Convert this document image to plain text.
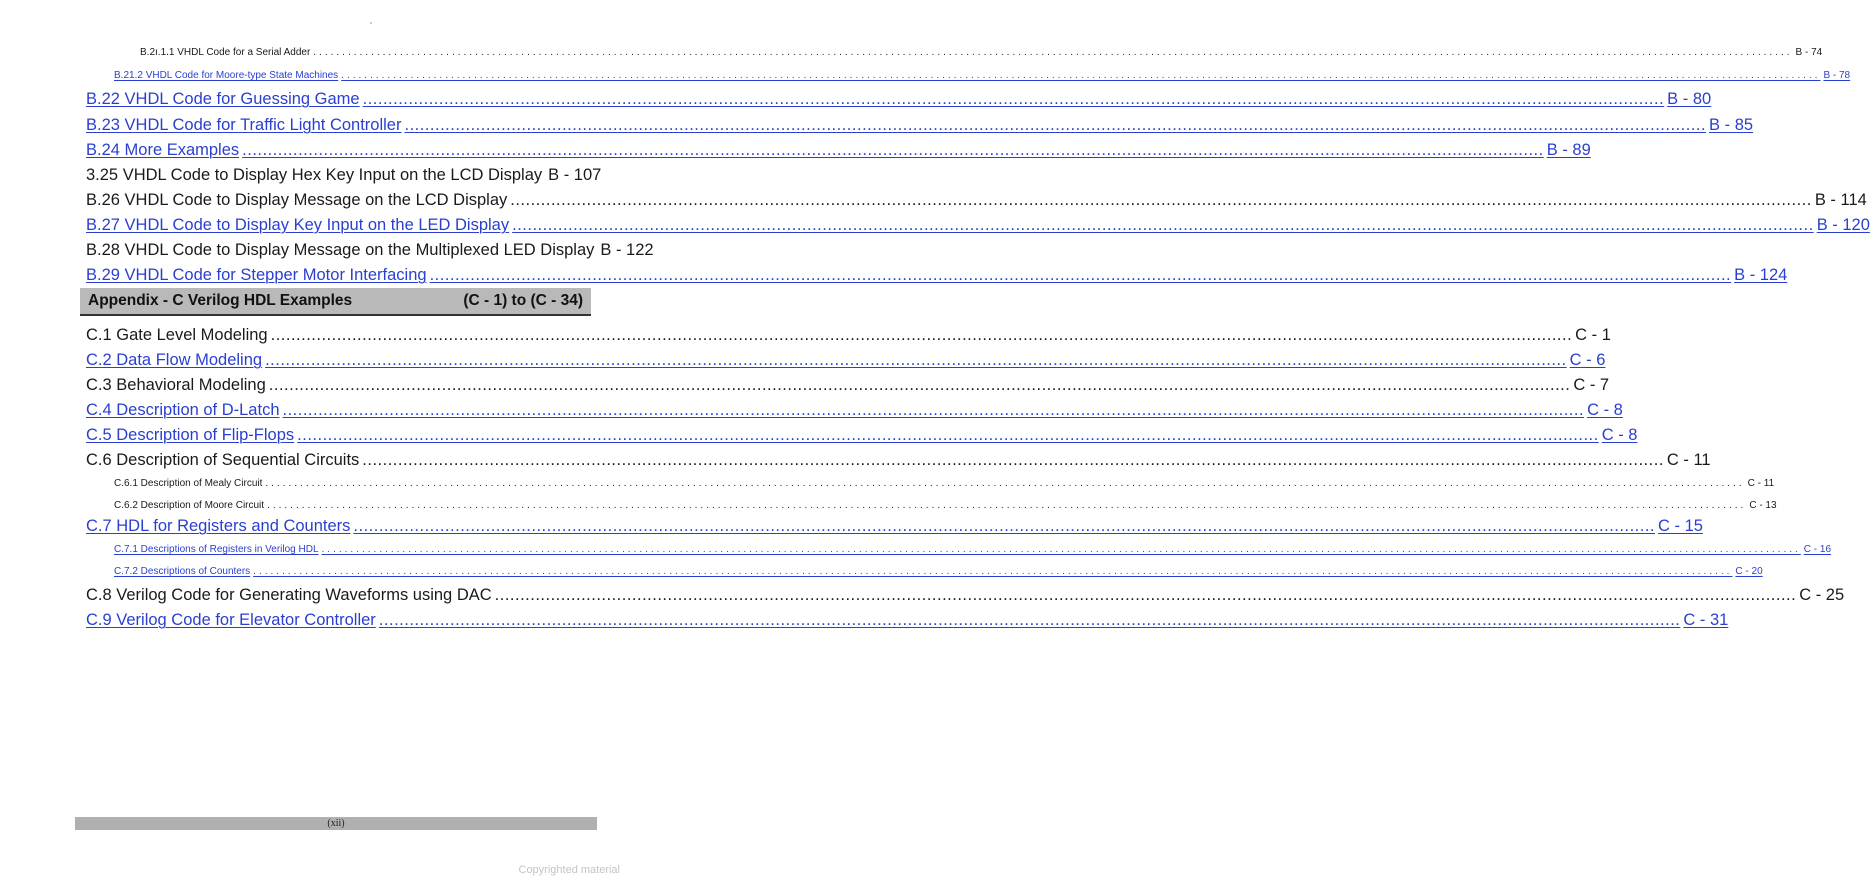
B.2ı.1.1 VHDL Code for a Serial Adder .....	B - 74
B.21.2 VHDL Code for Moore-type State Machines .....	B - 78
B.22 VHDL Code for Guessing Game .....	B - 80
B.23 VHDL Code for Traffic Light Controller .....	B - 85
B.24 More Examples .....	B - 89
3.25 VHDL Code to Display Hex Key Input on the LCD Display B - 107
B.26 VHDL Code to Display Message on the LCD Display .....	B - 114
B.27 VHDL Code to Display Key Input on the LED Display .....	B - 120
B.28 VHDL Code to Display Message on the Multiplexed LED Display B - 122
B.29 VHDL Code for Stepper Motor Interfacing .....	B - 124
Appendix - C Verilog HDL Examples	(C - 1) to (C - 34)
C.1 Gate Level Modeling .....	C - 1
C.2 Data Flow Modeling .....	C - 6
C.3 Behavioral Modeling .....	C - 7
C.4 Description of D-Latch .....	C - 8
C.5 Description of Flip-Flops .....	C - 8
C.6 Description of Sequential Circuits .....	C - 11
C.6.1 Description of Mealy Circuit .....	C - 11
C.6.2 Description of Moore Circuit .....	C - 13
C.7 HDL for Registers and Counters .....	C - 15
C.7.1 Descriptions of Registers in Verilog HDL .....	C - 16
C.7.2 Descriptions of Counters .....	C - 20
C.8 Verilog Code for Generating Waveforms using DAC .....	C - 25
C.9 Verilog Code for Elevator Controller .....	C - 31
(xii)
Copyrighted material
